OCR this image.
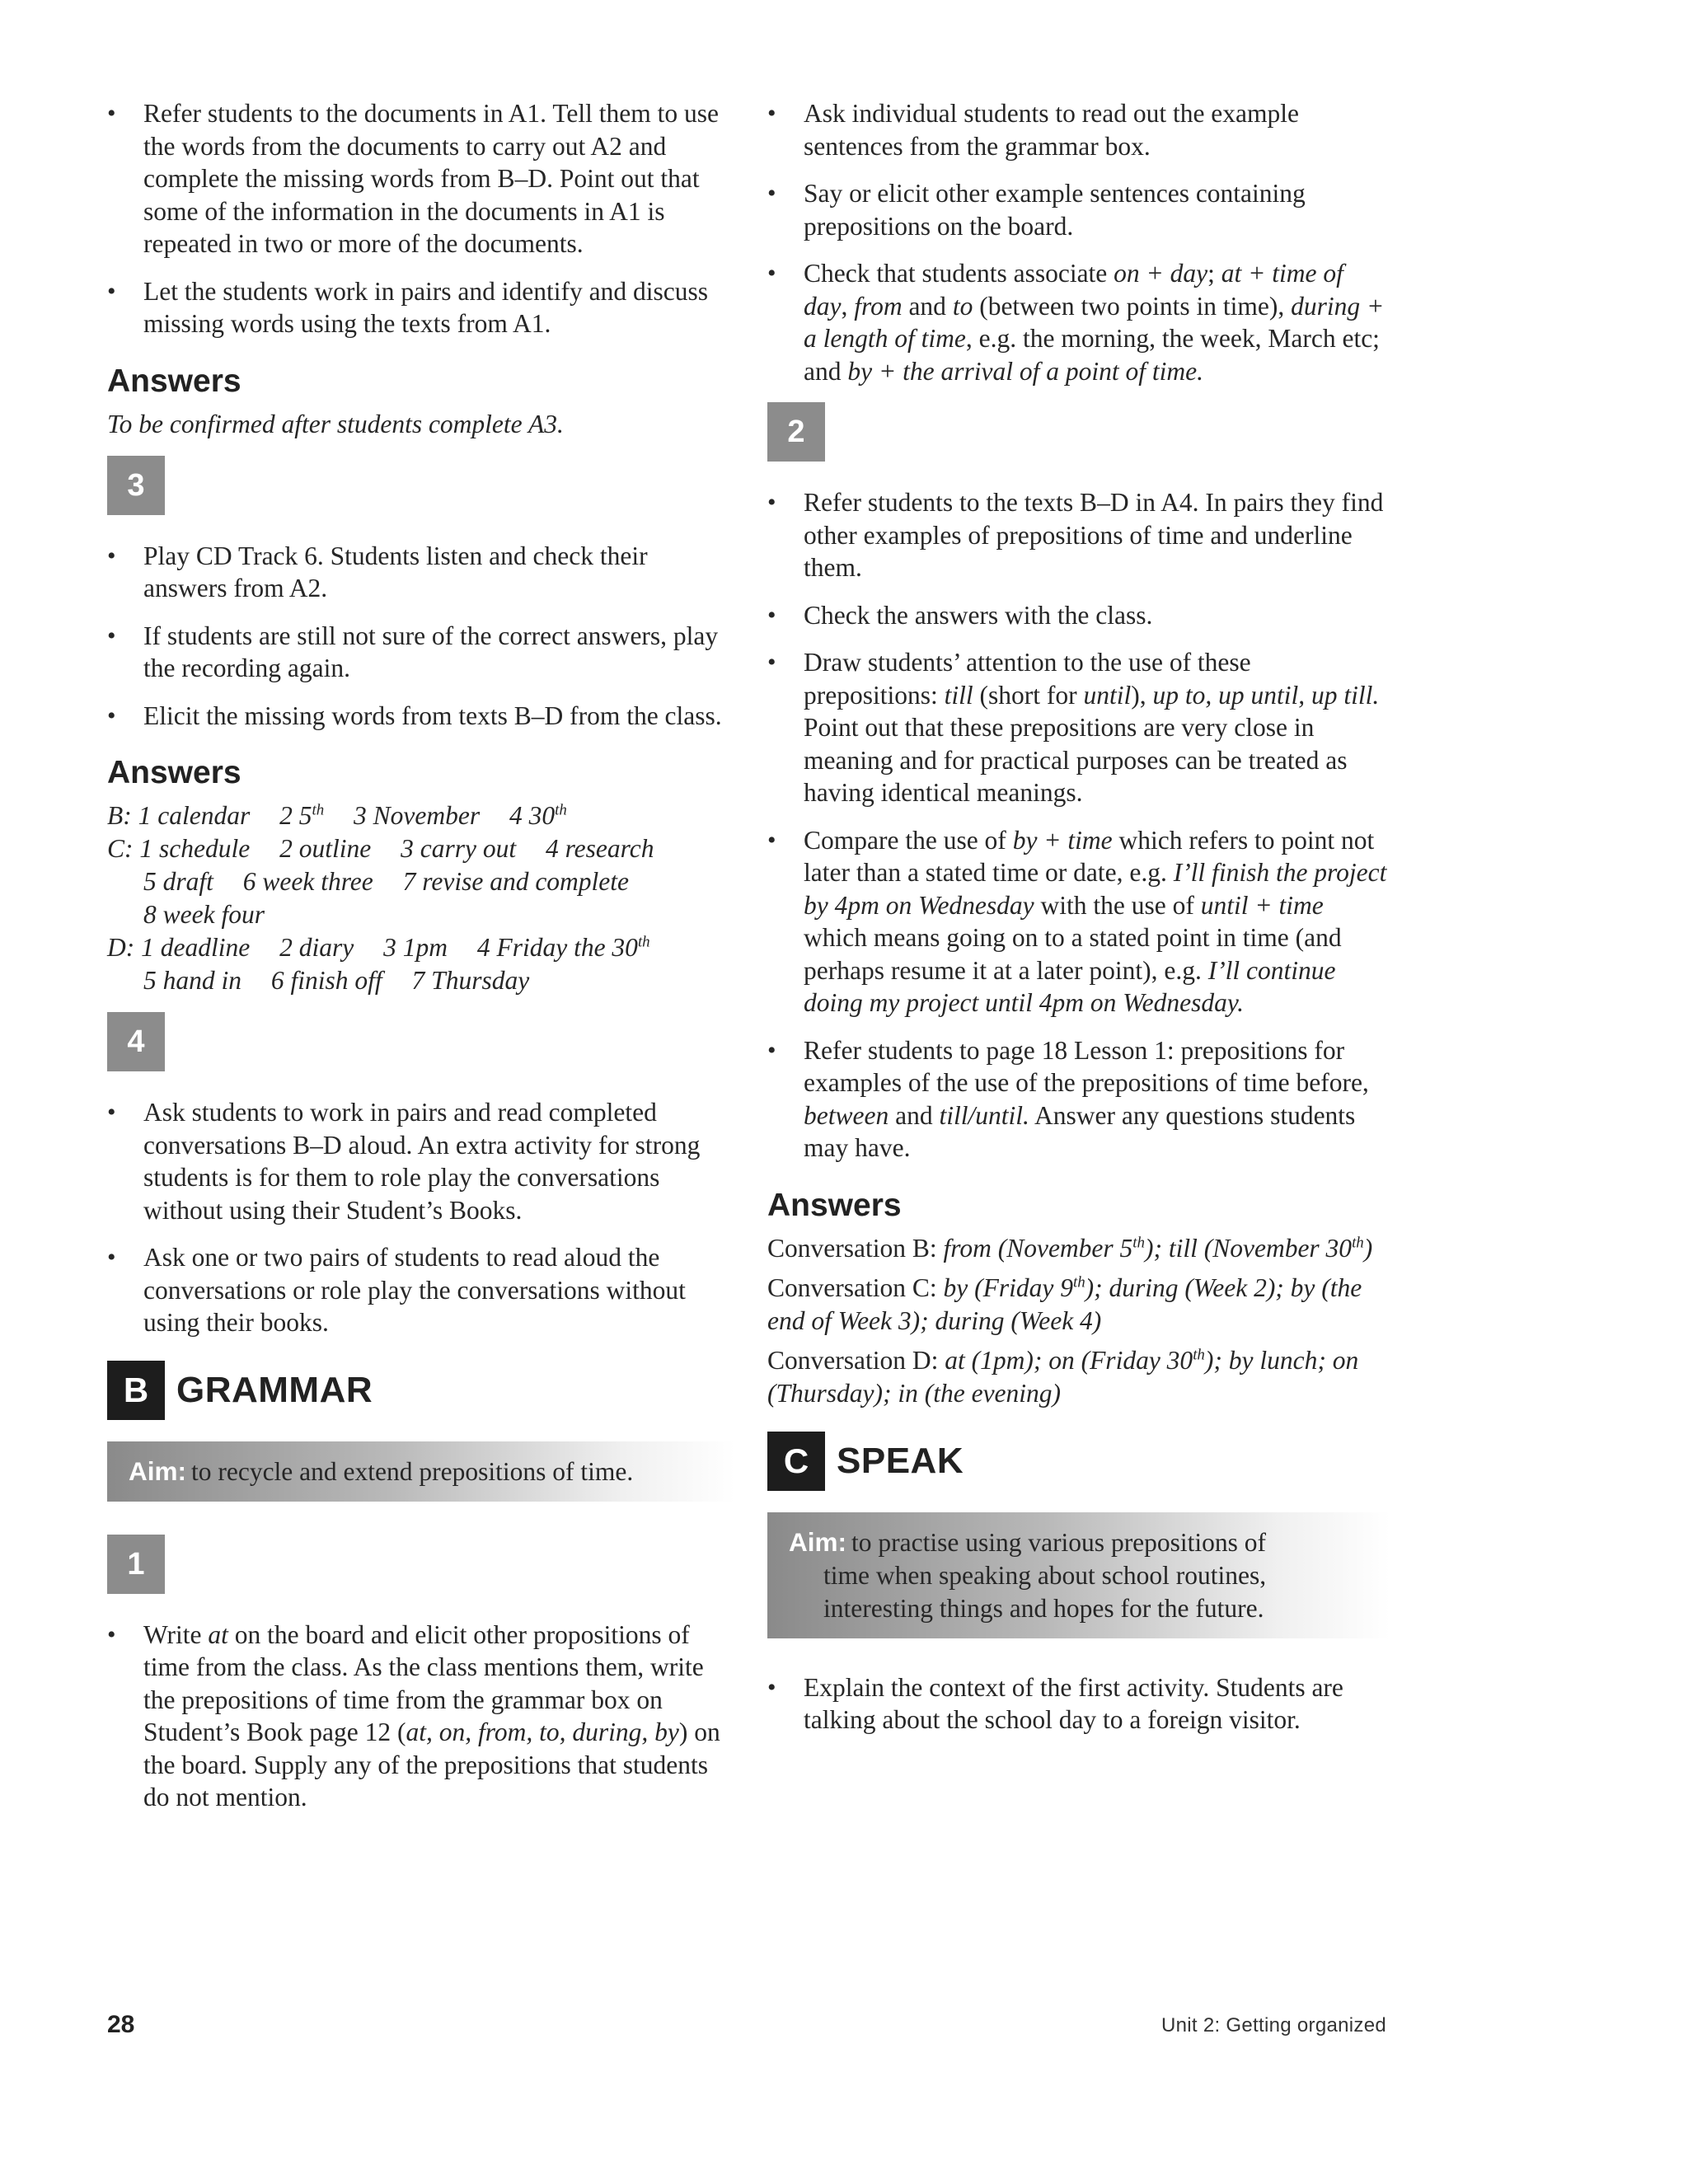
• Refer students to the documents in A1. Tell them to use the words from the documents to carry out A2 and complete the missing words from B–D. Point out that some of the information in the documents in A1 is repeated in two or more of the documents.
• Let the students work in pairs and identify and discuss missing words using the texts from A1.
Answers

To be confirmed after students complete A3.

3
• Play CD Track 6. Students listen and check their answers from A2.
• If students are still not sure of the correct answers, play the recording again.
• Elicit the missing words from texts B–D from the class.
Answers

B: 1 calendar 2 5th 3 November 4 30th

C: 1 schedule 2 outline 3 carry out 4 research

5 draft 6 week three 7 revise and complete

8 week four

D: 1 deadline 2 diary 3 1pm 4 Friday the 30th

5 hand in 6 finish off 7 Thursday

4
• Ask students to work in pairs and read completed conversations B–D aloud. An extra activity for strong students is for them to role play the conversations without using their Student’s Books.
• Ask one or two pairs of students to read aloud the conversations or role play the conversations without using their books.
B GRAMMAR
Aim: to recycle and extend prepositions of time.
1
• Write at on the board and elicit other propositions of time from the class. As the class mentions them, write the prepositions of time from the grammar box on Student’s Book page 12 (at, on, from, to, during, by) on the board. Supply any of the prepositions that students do not mention.
• Ask individual students to read out the example sentences from the grammar box.
• Say or elicit other example sentences containing prepositions on the board.
• Check that students associate on + day; at + time of day, from and to (between two points in time), during + a length of time, e.g. the morning, the week, March etc; and by + the arrival of a point of time.
2
• Refer students to the texts B–D in A4. In pairs they find other examples of prepositions of time and underline them.
• Check the answers with the class.
• Draw students’ attention to the use of these prepositions: till (short for until), up to, up until, up till. Point out that these prepositions are very close in meaning and for practical purposes can be treated as having identical meanings.
• Compare the use of by + time which refers to point not later than a stated time or date, e.g. I’ll finish the project by 4pm on Wednesday with the use of until + time which means going on to a stated point in time (and perhaps resume it at a later point), e.g. I’ll continue doing my project until 4pm on Wednesday.
• Refer students to page 18 Lesson 1: prepositions for examples of the use of the prepositions of time before, between and till/until. Answer any questions students may have.
Answers

Conversation B: from (November 5th); till (November 30th)

Conversation C: by (Friday 9th); during (Week 2); by (the end of Week 3); during (Week 4)

Conversation D: at (1pm); on (Friday 30th); by lunch; on (Thursday); in (the evening)

C SPEAK
Aim: to practise using various prepositions of
time when speaking about school routines,
interesting things and hopes for the future.
• Explain the context of the first activity. Students are talking about the school day to a foreign visitor.
28	Unit 2: Getting organized
